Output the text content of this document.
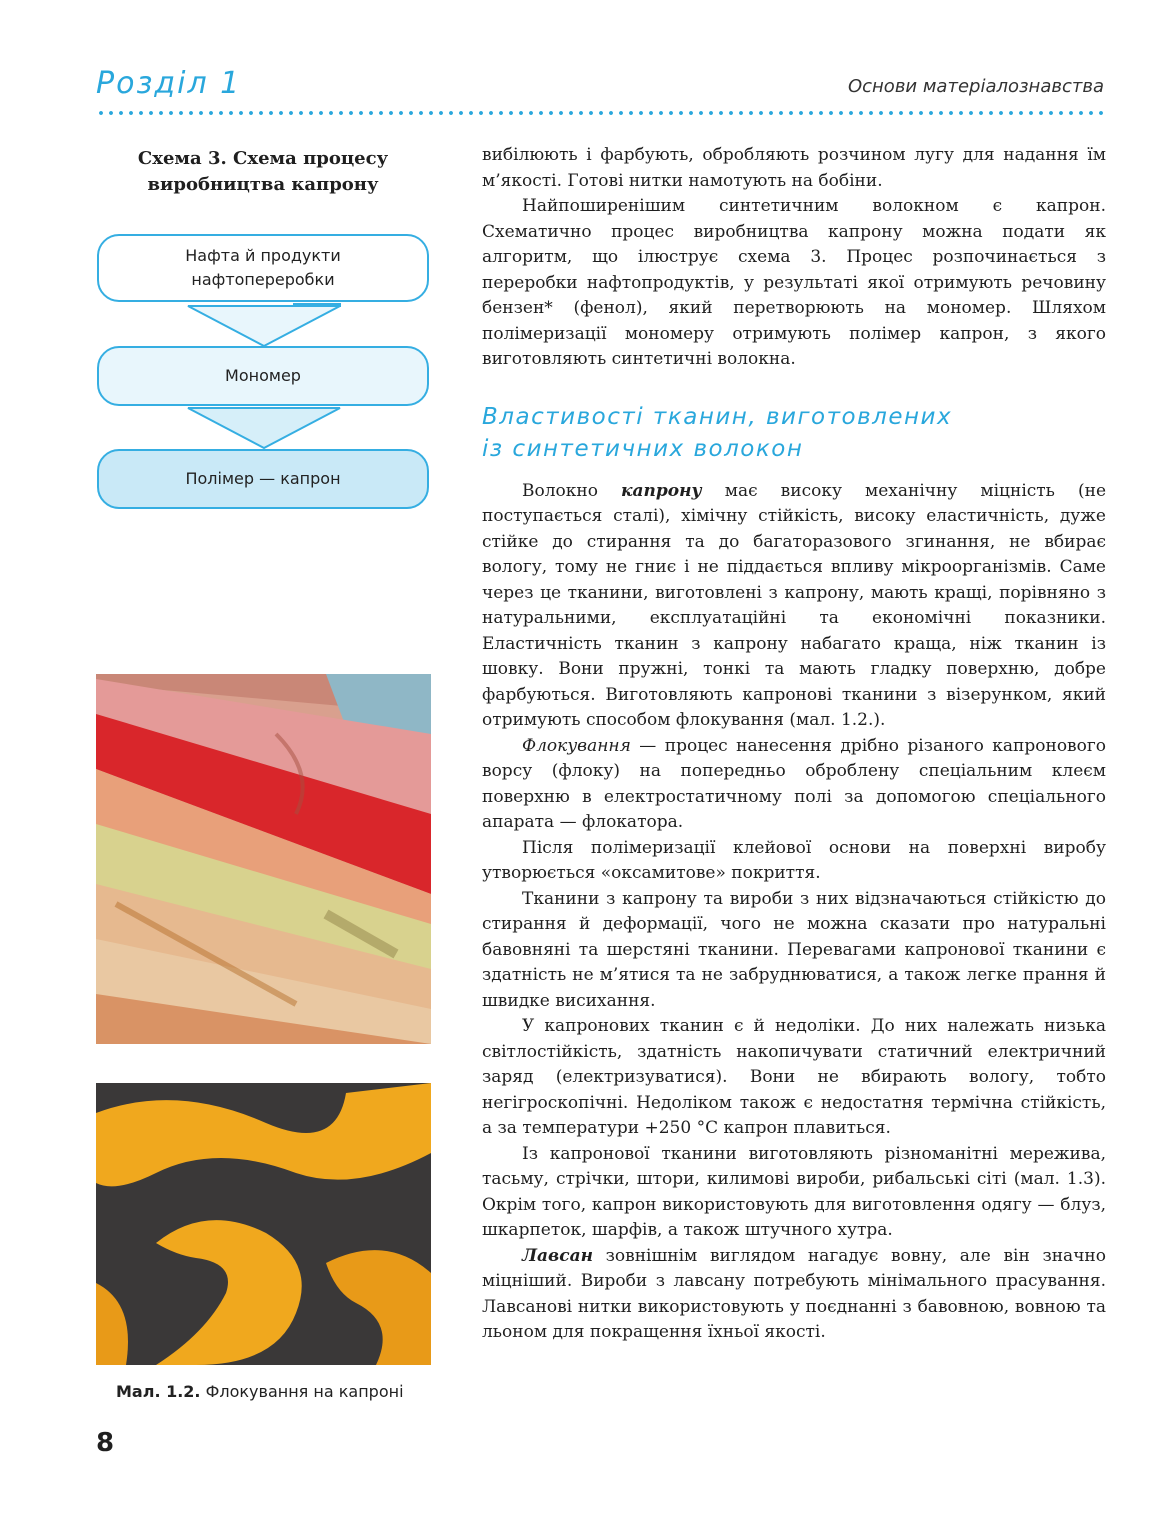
Розділ 1	Основи матеріалознавства
Схема 3. Схема процесу
виробництва капрону
Нафта й продукти
нафтопереробки
Мономер
Полімер — капрон
Мал. 1.2. Флокування на капроні
8

вибілюють і фарбують, обробляють розчином лугу для надання їм м’якості. Готові нитки намотують на бобіни.

Найпоширенішим синтетичним волокном є капрон. Схематично процес виробництва капрону можна подати як алгоритм, що ілюструє схема 3. Процес розпочинається з переробки нафтопродуктів, у результаті якої отримують речовину бензен* (фенол), який перетворюють на мономер. Шляхом полімеризації мономеру отримують полімер капрон, з якого виготовляють синтетичні волокна.

Властивості тканин, виготовлених
із синтетичних волокон

Волокно капрону має високу механічну міцність (не поступається сталі), хімічну стійкість, високу еластичність, дуже стійке до стирання та до багаторазового згинання, не вбирає вологу, тому не гниє і не піддається впливу мікроорганізмів. Саме через це тканини, виготовлені з капрону, мають кращі, порівняно з натуральними, експлуатаційні та економічні показники. Еластичність тканин з капрону набагато краща, ніж тканин із шовку. Вони пружні, тонкі та мають гладку поверхню, добре фарбуються. Виготовляють капронові тканини з візерунком, який отримують способом флокування (мал. 1.2.).

Флокування — процес нанесення дрібно різаного капронового ворсу (флоку) на попередньо оброблену спеціальним клеєм поверхню в електростатичному полі за допомогою спеціального апарата — флокатора.

Після полімеризації клейової основи на поверхні виробу утворюється «оксамитове» покриття.

Тканини з капрону та вироби з них відзначаються стійкістю до стирання й деформації, чого не можна сказати про натуральні бавовняні та шерстяні тканини. Перевагами капронової тканини є здатність не м’ятися та не забруднюватися, а також легке прання й швидке висихання.

У капронових тканин є й недоліки. До них належать низька світлостійкість, здатність накопичувати статичний електричний заряд (електризуватися). Вони не вбирають вологу, тобто негігроскопічні. Недоліком також є недостатня термічна стійкість, а за температури +250 °С капрон плавиться.

Із капронової тканини виготовляють різноманітні мережива, тасьму, стрічки, штори, килимові вироби, рибальські сіті (мал. 1.3). Окрім того, капрон використовують для виготовлення одягу — блуз, шкарпеток, шарфів, а також штучного хутра.

Лавсан зовнішнім виглядом нагадує вовну, але він значно міцніший. Вироби з лавсану потребують мінімального прасування. Лавсанові нитки використовують у поєднанні з бавовною, вовною та льоном для покращення їхньої якості.
